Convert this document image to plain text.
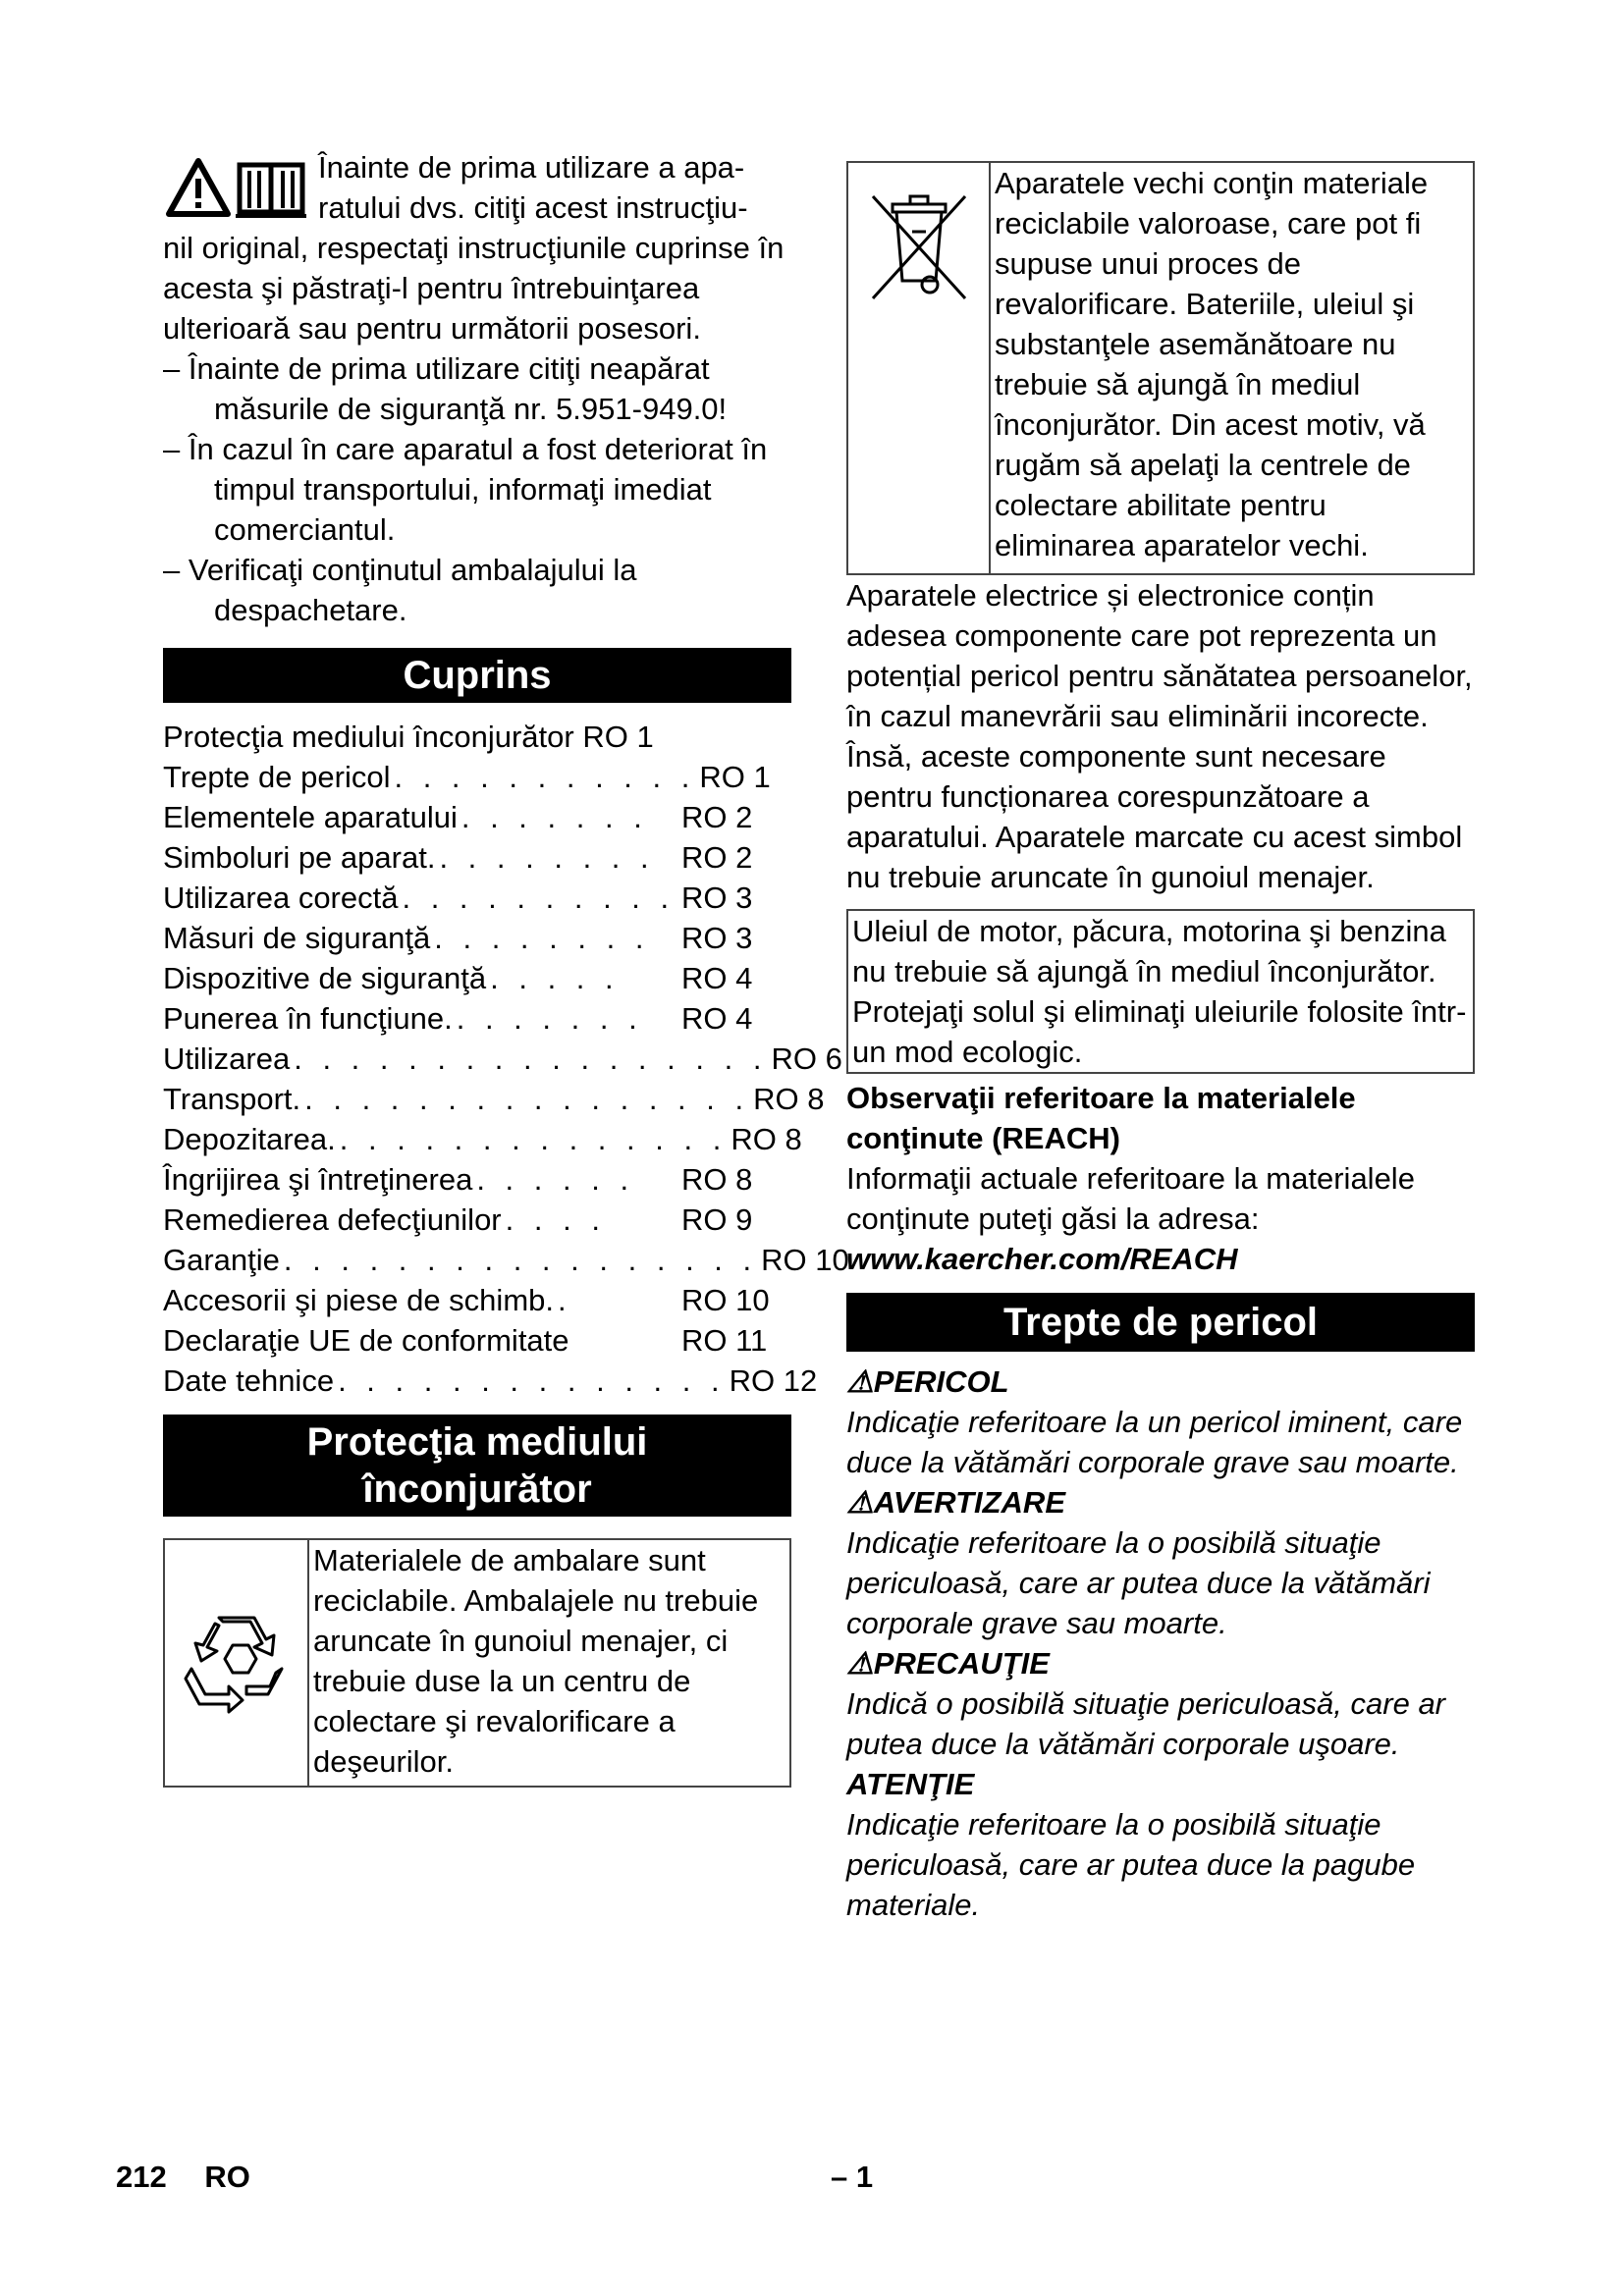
Înainte de prima utilizare a apa-

ratului dvs. citiţi acest instrucţiu-

nil original, respectaţi instrucţiunile cuprinse în acesta şi păstraţi-l pentru întrebuinţarea ulterioară sau pentru următorii posesori.

– Înainte de prima utilizare citiţi neapărat măsurile de siguranţă nr. 5.951-949.0!

– În cazul în care aparatul a fost deteriorat în timpul transportului, informaţi imediat comerciantul.

– Verificaţi conţinutul ambalajului la despachetare.

Cuprins

Protecţia mediului înconjurător RO 1

Trepte de pericol . . . . . . . . . . . RO 1
Elementele aparatului . . . . . . .	RO 2
Simboluri pe aparat. . . . . . . . . RO 2
Utilizarea corectă . . . . . . . . . . RO 3
Măsuri de siguranţă . . . . . . . .	RO 3
Dispozitive de siguranţă . . . . .	RO 4
Punerea în funcţiune. . . . . . . .	RO 4
Utilizarea . . . . . . . . . . . . . . . . . RO 6
Transport. . . . . . . . . . . . . . . . . RO 8
Depozitarea. . . . . . . . . . . . . . . RO 8
Îngrijirea şi întreţinerea . . . . . .	RO 8
Remedierea defecţiunilor . . . .	RO 9
Garanţie . . . . . . . . . . . . . . . . . RO 10
Accesorii şi piese de schimb. .	RO 10
Declaraţie UE de conformitate	RO 11
Date tehnice . . . . . . . . . . . . . . RO 12
Protecţia mediului
înconjurător
Materialele de ambalare sunt reciclabile. Ambalajele nu trebuie aruncate în gunoiul menajer, ci trebuie duse la un centru de colectare şi revalorificare a deşeurilor.
Aparatele vechi conţin materiale reciclabile valoroase, care pot fi supuse unui proces de revalorificare. Bateriile, uleiul şi substanţele asemănătoare nu trebuie să ajungă în mediul înconjurător. Din acest motiv, vă rugăm să apelaţi la centrele de colectare abilitate pentru eliminarea aparatelor vechi.

Aparatele electrice și electronice conțin adesea componente care pot reprezenta un potențial pericol pentru sănătatea persoanelor, în cazul manevrării sau eliminării incorecte. Însă, aceste componente sunt necesare pentru funcționarea corespunzătoare a aparatului. Aparatele marcate cu acest simbol nu trebuie aruncate în gunoiul menajer.

Uleiul de motor, păcura, motorina şi benzina nu trebuie să ajungă în mediul înconjurător. Protejaţi solul şi eliminaţi uleiurile folosite într-un mod ecologic.

Observaţii referitoare la materialele conţinute (REACH)

Informaţii actuale referitoare la materialele conţinute puteţi găsi la adresa:

www.kaercher.com/REACH

Trepte de pericol

⚠PERICOL

Indicaţie referitoare la un pericol iminent, care duce la vătămări corporale grave sau moarte.

⚠AVERTIZARE

Indicaţie referitoare la o posibilă situaţie periculoasă, care ar putea duce la vătămări corporale grave sau moarte.

⚠PRECAUŢIE

Indică o posibilă situaţie periculoasă, care ar putea duce la vătămări corporale uşoare.

ATENŢIE

Indicaţie referitoare la o posibilă situaţie periculoasă, care ar putea duce la pagube materiale.

212 RO	– 1
